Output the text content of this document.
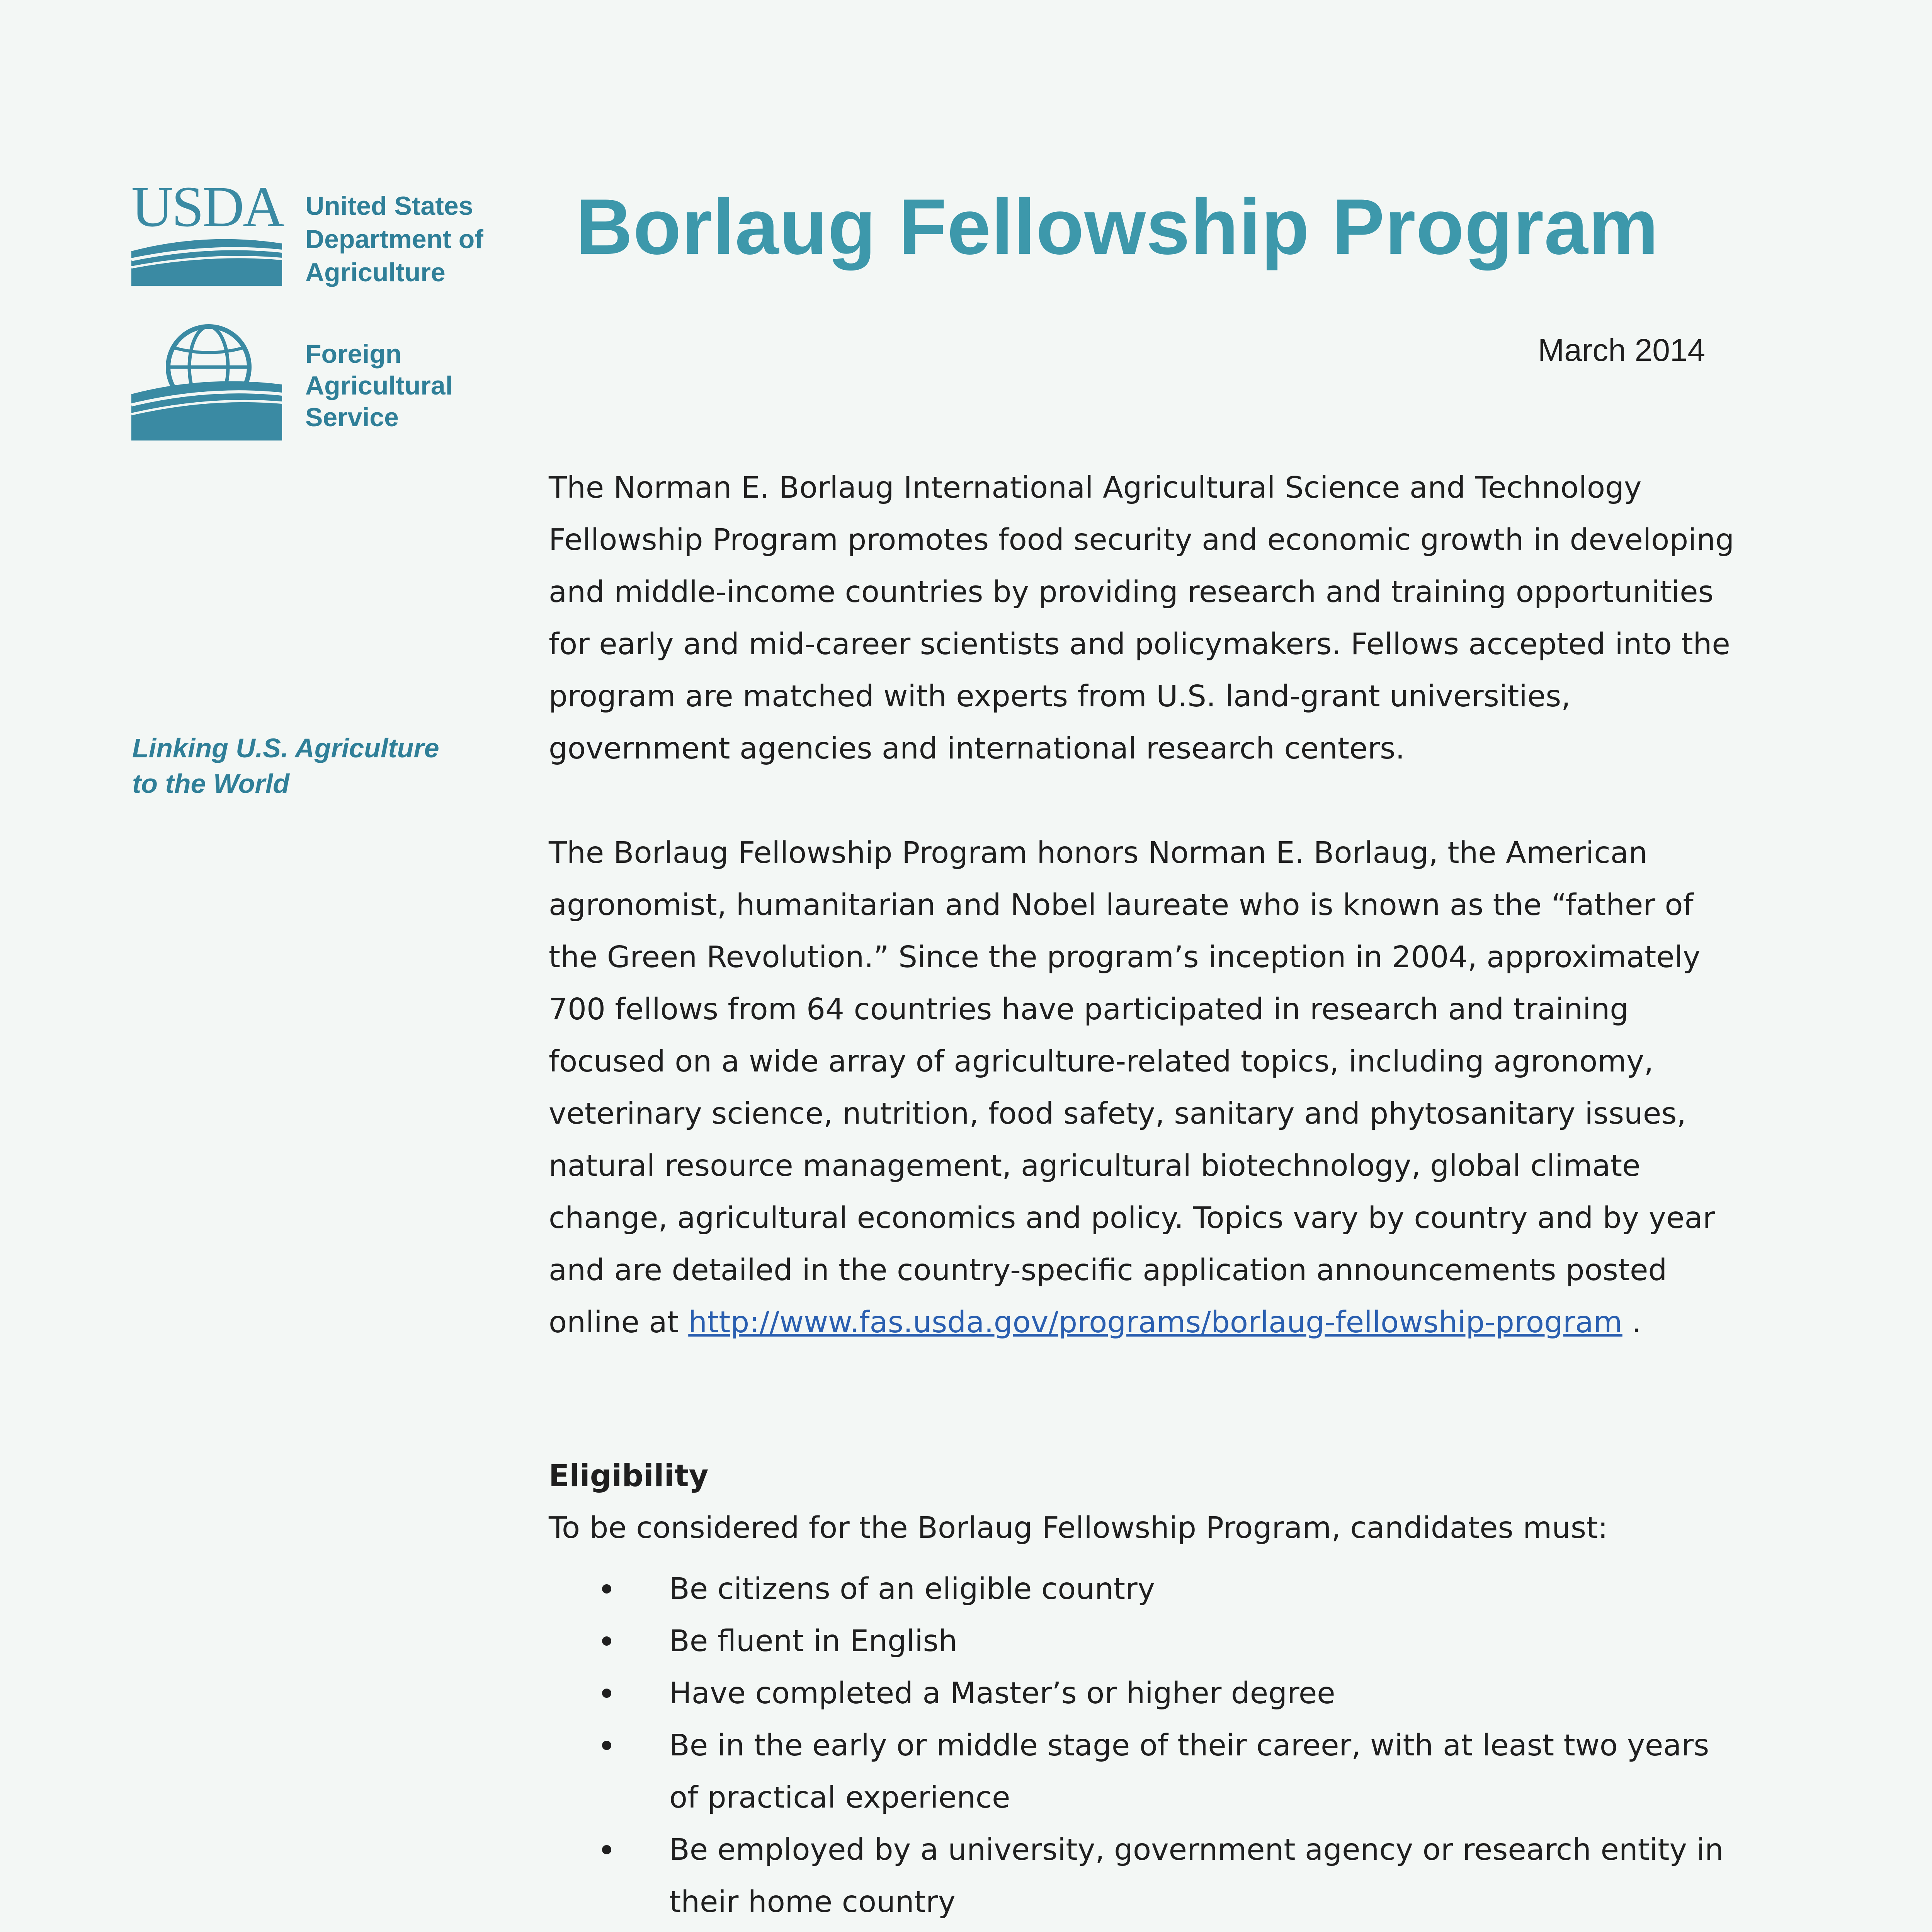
USDA United States
Department of
Agriculture
Foreign
Agricultural
Service
Linking U.S. Agriculture
to the World
Borlaug Fellowship Program
March 2014

The Norman E. Borlaug International Agricultural Science and Technology Fellowship Program promotes food security and economic growth in developing and middle-income countries by providing research and training opportunities for early and mid-career scientists and policymakers. Fellows accepted into the program are matched with experts from U.S. land-grant universities, government agencies and international research centers.

The Borlaug Fellowship Program honors Norman E. Borlaug, the American agronomist, humanitarian and Nobel laureate who is known as the “father of the Green Revolution.” Since the program’s inception in 2004, approximately 700 fellows from 64 countries have participated in research and training focused on a wide array of agriculture-related topics, including agronomy, veterinary science, nutrition, food safety, sanitary and phytosanitary issues, natural resource management, agricultural biotechnology, global climate change, agricultural economics and policy. Topics vary by country and by year and are detailed in the country-specific application announcements posted online at http://www.fas.usda.gov/programs/borlaug-fellowship-program .

Eligibility
To be considered for the Borlaug Fellowship Program, candidates must:
Be citizens of an eligible country
Be fluent in English
Have completed a Master’s or higher degree
Be in the early or middle stage of their career, with at least two years of practical experience
Be employed by a university, government agency or research entity in their home country
